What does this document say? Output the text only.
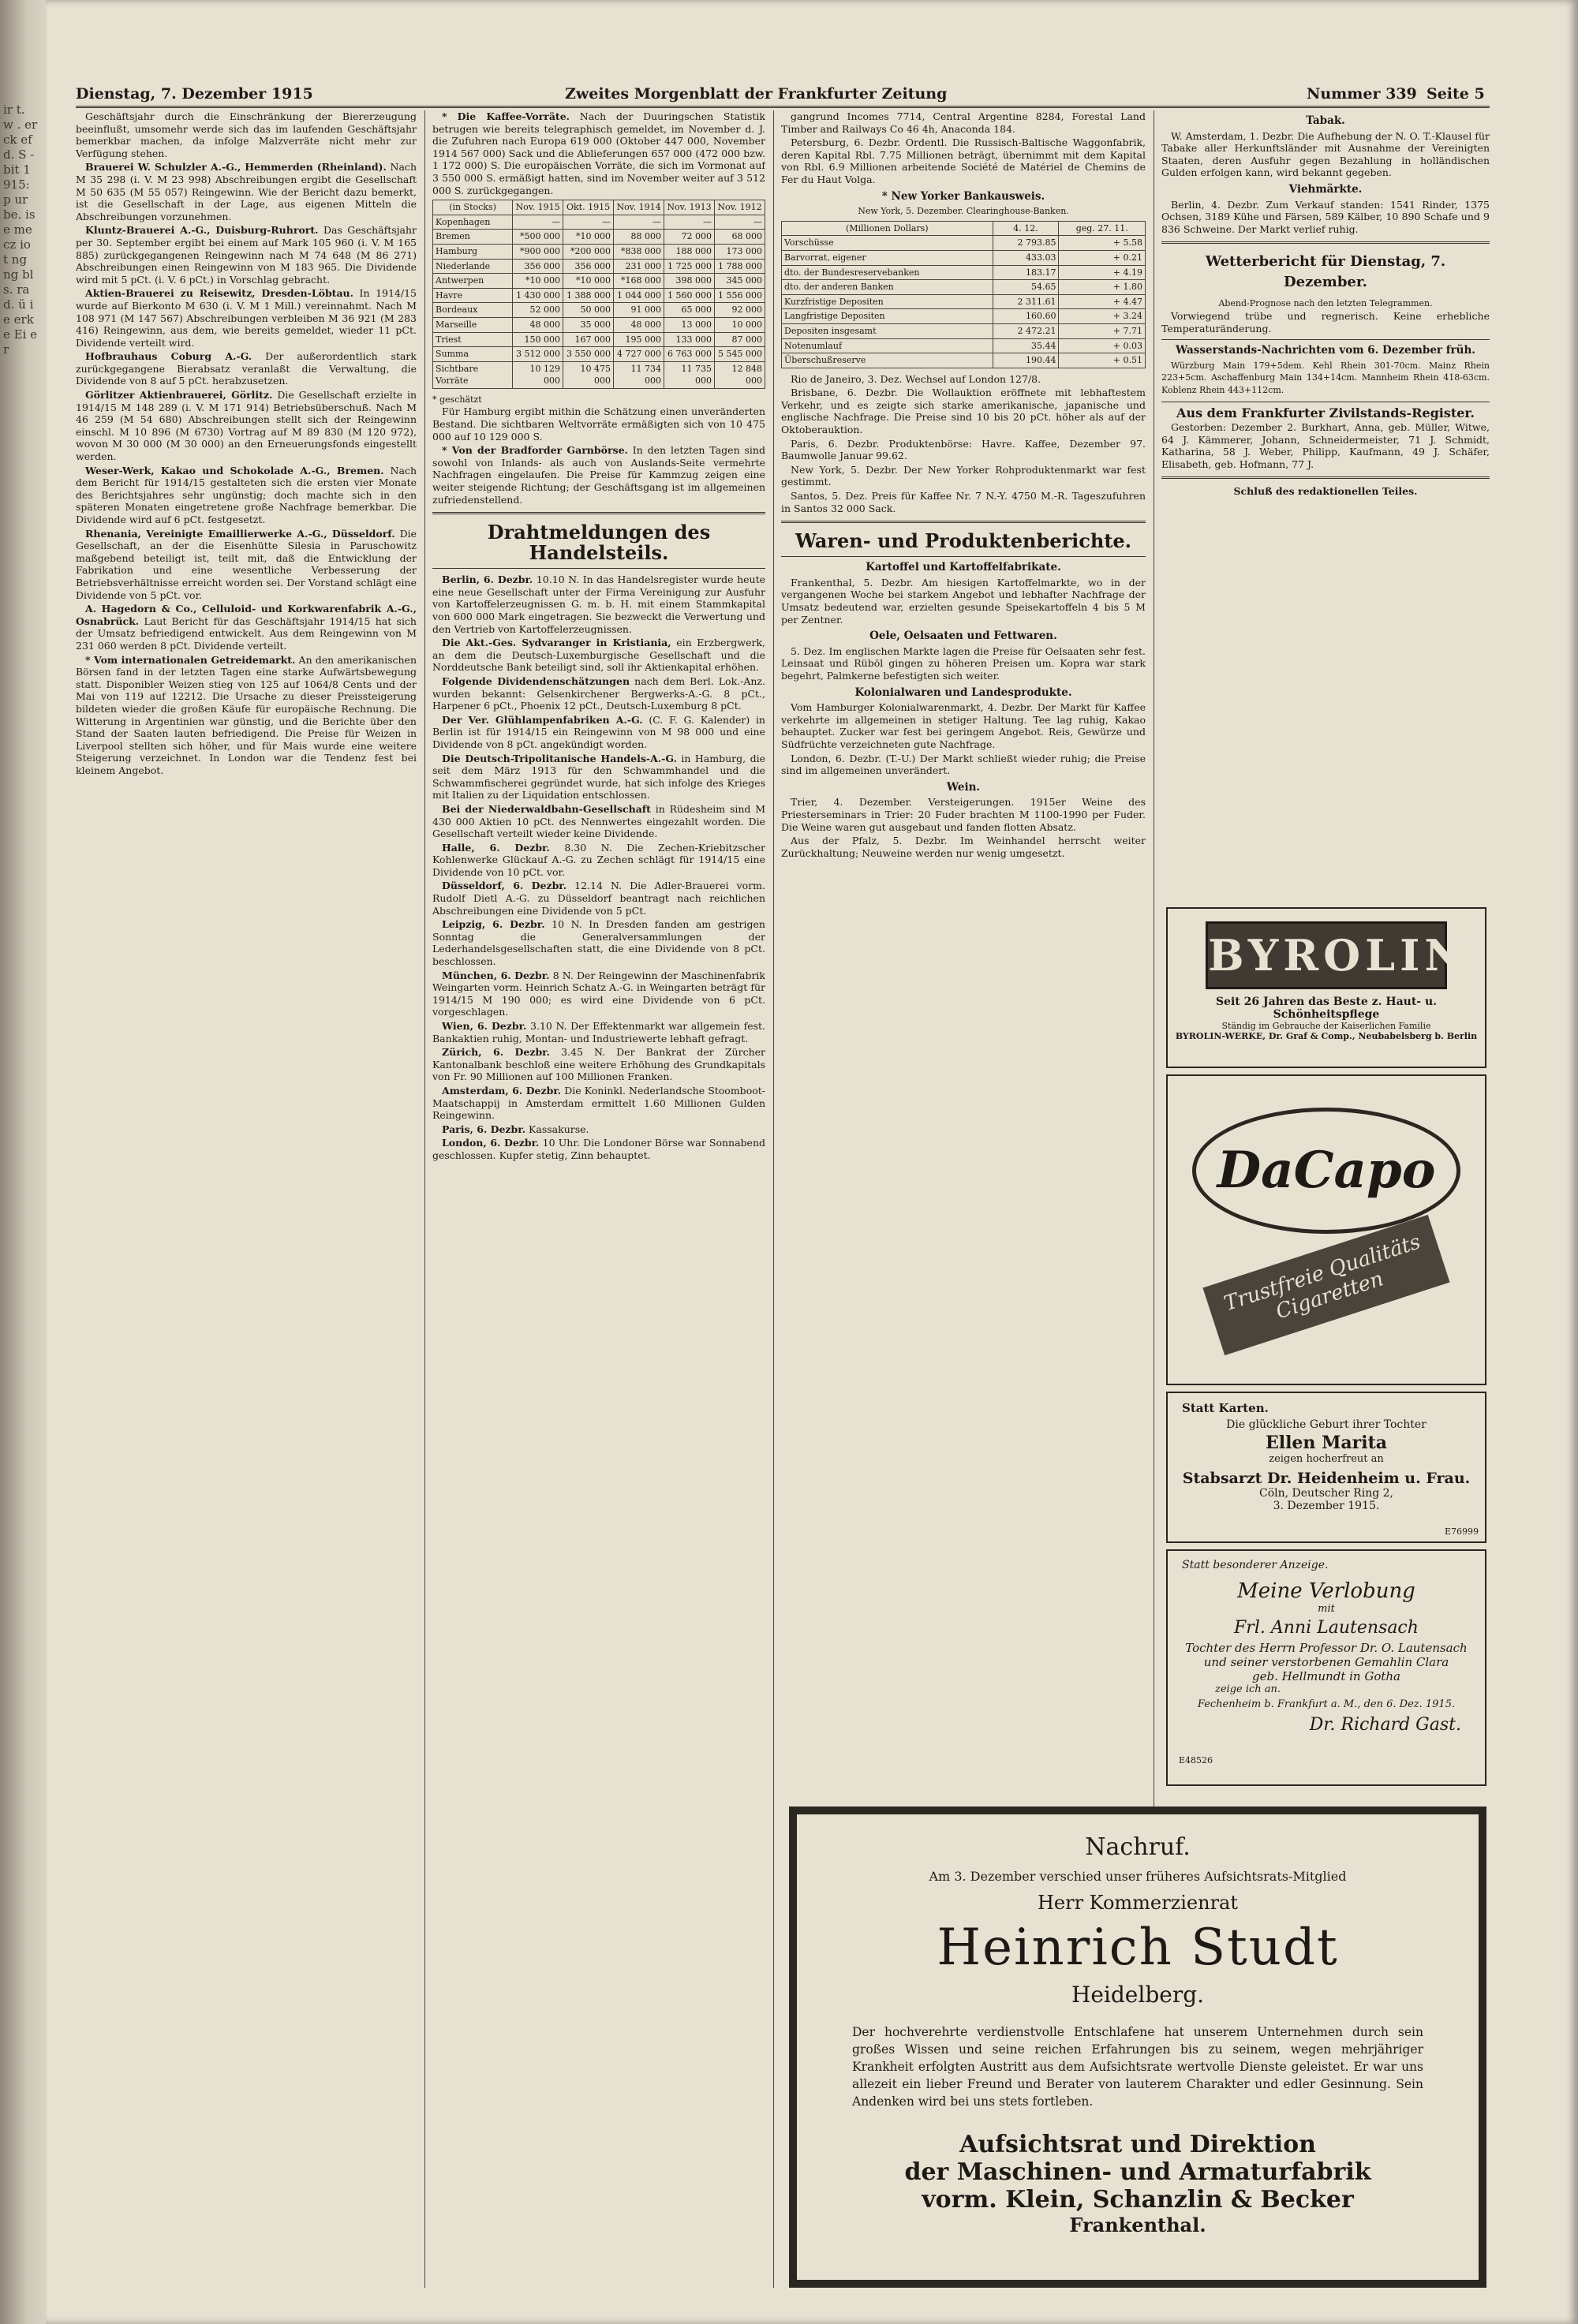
ir t. w . er ck ef d. S -bit 1915: p ur be. ise me cz io t ng ng bl s. rad. ü ie erke Ei er
Dienstag, 7. Dezember 1915	Zweites Morgenblatt der Frankfurter Zeitung	Nummer 339 Seite 5

Geschäftsjahr durch die Einschränkung der Biererzeugung beeinflußt, umsomehr werde sich das im laufenden Geschäftsjahr bemerkbar machen, da infolge Malzverräte nicht mehr zur Verfügung stehen.

Brauerei W. Schulzler A.-G., Hemmerden (Rheinland). Nach M 35 298 (i. V. M 23 998) Abschreibungen ergibt die Gesellschaft M 50 635 (M 55 057) Reingewinn. Wie der Bericht dazu bemerkt, ist die Gesellschaft in der Lage, aus eigenen Mitteln die Abschreibungen vorzunehmen.

Kluntz-Brauerei A.-G., Duisburg-Ruhrort. Das Geschäftsjahr per 30. September ergibt bei einem auf Mark 105 960 (i. V. M 165 885) zurückgegangenen Reingewinn nach M 74 648 (M 86 271) Abschreibungen einen Reingewinn von M 183 965. Die Dividende wird mit 5 pCt. (i. V. 6 pCt.) in Vorschlag gebracht.

Aktien-Brauerei zu Reisewitz, Dresden-Löbtau. In 1914/15 wurde auf Bierkonto M 630 (i. V. M 1 Mill.) vereinnahmt. Nach M 108 971 (M 147 567) Abschreibungen verbleiben M 36 921 (M 283 416) Reingewinn, aus dem, wie bereits gemeldet, wieder 11 pCt. Dividende verteilt wird.

Hofbrauhaus Coburg A.-G. Der außerordentlich stark zurückgegangene Bierabsatz veranlaßt die Verwaltung, die Dividende von 8 auf 5 pCt. herabzusetzen.

Görlitzer Aktienbrauerei, Görlitz. Die Gesellschaft erzielte in 1914/15 M 148 289 (i. V. M 171 914) Betriebsüberschuß. Nach M 46 259 (M 54 680) Abschreibungen stellt sich der Reingewinn einschl. M 10 896 (M 6730) Vortrag auf M 89 830 (M 120 972), wovon M 30 000 (M 30 000) an den Erneuerungsfonds eingestellt werden.

Weser-Werk, Kakao und Schokolade A.-G., Bremen. Nach dem Bericht für 1914/15 gestalteten sich die ersten vier Monate des Berichtsjahres sehr ungünstig; doch machte sich in den späteren Monaten eingetretene große Nachfrage bemerkbar. Die Dividende wird auf 6 pCt. festgesetzt.

Rhenania, Vereinigte Emaillierwerke A.-G., Düsseldorf. Die Gesellschaft, an der die Eisenhütte Silesia in Paruschowitz maßgebend beteiligt ist, teilt mit, daß die Entwicklung der Fabrikation und eine wesentliche Verbesserung der Betriebsverhältnisse erreicht worden sei. Der Vorstand schlägt eine Dividende von 5 pCt. vor.

A. Hagedorn & Co., Celluloid- und Korkwarenfabrik A.-G., Osnabrück. Laut Bericht für das Geschäftsjahr 1914/15 hat sich der Umsatz befriedigend entwickelt. Aus dem Reingewinn von M 231 060 werden 8 pCt. Dividende verteilt.

* Vom internationalen Getreidemarkt. An den amerikanischen Börsen fand in der letzten Tagen eine starke Aufwärtsbewegung statt. Disponibler Weizen stieg von 125 auf 1064/8 Cents und der Mai von 119 auf 12212. Die Ursache zu dieser Preissteigerung bildeten wieder die großen Käufe für europäische Rechnung. Die Witterung in Argentinien war günstig, und die Berichte über den Stand der Saaten lauten befriedigend. Die Preise für Weizen in Liverpool stellten sich höher, und für Mais wurde eine weitere Steigerung verzeichnet. In London war die Tendenz fest bei kleinem Angebot.

* Die Kaffee-Vorräte. Nach der Duuringschen Statistik betrugen wie bereits telegraphisch gemeldet, im November d. J. die Zufuhren nach Europa 619 000 (Oktober 447 000, November 1914 567 000) Sack und die Ablieferungen 657 000 (472 000 bzw. 1 172 000) S. Die europäischen Vorräte, die sich im Vormonat auf 3 550 000 S. ermäßigt hatten, sind im November weiter auf 3 512 000 S. zurückgegangen.

(in Stocks)	Nov. 1915	Okt. 1915	Nov. 1914	Nov. 1913	Nov. 1912
Kopenhagen	—	—	—	—	—
Bremen	*500 000	*10 000	88 000	72 000	68 000
Hamburg	*900 000	*200 000	*838 000	188 000	173 000
Niederlande	356 000	356 000	231 000	1 725 000	1 788 000
Antwerpen	*10 000	*10 000	*168 000	398 000	345 000
Havre	1 430 000	1 388 000	1 044 000	1 560 000	1 556 000
Bordeaux	52 000	50 000	91 000	65 000	92 000
Marseille	48 000	35 000	48 000	13 000	10 000
Triest	150 000	167 000	195 000	133 000	87 000
Summa	3 512 000	3 550 000	4 727 000	6 763 000	5 545 000
Sichtbare Vorräte	10 129 000	10 475 000	11 734 000	11 735 000	12 848 000
* geschätzt

Für Hamburg ergibt mithin die Schätzung einen unveränderten Bestand. Die sichtbaren Weltvorräte ermäßigten sich von 10 475 000 auf 10 129 000 S.

* Von der Bradforder Garnbörse. In den letzten Tagen sind sowohl von Inlands- als auch von Auslands-Seite vermehrte Nachfragen eingelaufen. Die Preise für Kammzug zeigen eine weiter steigende Richtung; der Geschäftsgang ist im allgemeinen zufriedenstellend.

Drahtmeldungen des Handelsteils.

Berlin, 6. Dezbr. 10.10 N. In das Handelsregister wurde heute eine neue Gesellschaft unter der Firma Vereinigung zur Ausfuhr von Kartoffelerzeugnissen G. m. b. H. mit einem Stammkapital von 600 000 Mark eingetragen. Sie bezweckt die Verwertung und den Vertrieb von Kartoffelerzeugnissen.

Die Akt.-Ges. Sydvaranger in Kristiania, ein Erzbergwerk, an dem die Deutsch-Luxemburgische Gesellschaft und die Norddeutsche Bank beteiligt sind, soll ihr Aktienkapital erhöhen.

Folgende Dividendenschätzungen nach dem Berl. Lok.-Anz. wurden bekannt: Gelsenkirchener Bergwerks-A.-G. 8 pCt., Harpener 6 pCt., Phoenix 12 pCt., Deutsch-Luxemburg 8 pCt.

Der Ver. Glühlampenfabriken A.-G. (C. F. G. Kalender) in Berlin ist für 1914/15 ein Reingewinn von M 98 000 und eine Dividende von 8 pCt. angekündigt worden.

Die Deutsch-Tripolitanische Handels-A.-G. in Hamburg, die seit dem März 1913 für den Schwammhandel und die Schwammfischerei gegründet wurde, hat sich infolge des Krieges mit Italien zu der Liquidation entschlossen.

Bei der Niederwaldbahn-Gesellschaft in Rüdesheim sind M 430 000 Aktien 10 pCt. des Nennwertes eingezahlt worden. Die Gesellschaft verteilt wieder keine Dividende.

Halle, 6. Dezbr. 8.30 N. Die Zechen-Kriebitzscher Kohlenwerke Glückauf A.-G. zu Zechen schlägt für 1914/15 eine Dividende von 10 pCt. vor.

Düsseldorf, 6. Dezbr. 12.14 N. Die Adler-Brauerei vorm. Rudolf Dietl A.-G. zu Düsseldorf beantragt nach reichlichen Abschreibungen eine Dividende von 5 pCt.

Leipzig, 6. Dezbr. 10 N. In Dresden fanden am gestrigen Sonntag die Generalversammlungen der Lederhandelsgesellschaften statt, die eine Dividende von 8 pCt. beschlossen.

München, 6. Dezbr. 8 N. Der Reingewinn der Maschinenfabrik Weingarten vorm. Heinrich Schatz A.-G. in Weingarten beträgt für 1914/15 M 190 000; es wird eine Dividende von 6 pCt. vorgeschlagen.

Wien, 6. Dezbr. 3.10 N. Der Effektenmarkt war allgemein fest. Bankaktien ruhig, Montan- und Industriewerte lebhaft gefragt.

Zürich, 6. Dezbr. 3.45 N. Der Bankrat der Zürcher Kantonalbank beschloß eine weitere Erhöhung des Grundkapitals von Fr. 90 Millionen auf 100 Millionen Franken.

Amsterdam, 6. Dezbr. Die Koninkl. Nederlandsche Stoomboot-Maatschappij in Amsterdam ermittelt 1.60 Millionen Gulden Reingewinn.

Paris, 6. Dezbr. Kassakurse.

London, 6. Dezbr. 10 Uhr. Die Londoner Börse war Sonnabend geschlossen. Kupfer stetig, Zinn behauptet.

gangrund Incomes 7714, Central Argentine 8284, Forestal Land Timber and Railways Co 46 4h, Anaconda 184.

Petersburg, 6. Dezbr. Ordentl. Die Russisch-Baltische Waggonfabrik, deren Kapital Rbl. 7.75 Millionen beträgt, übernimmt mit dem Kapital von Rbl. 6.9 Millionen arbeitende Société de Matériel de Chemins de Fer du Haut Volga.

* New Yorker Bankausweis.
New York, 5. Dezember. Clearinghouse-Banken.
(Millionen Dollars)	4. 12.	geg. 27. 11.
Vorschüsse	2 793.85	+ 5.58
Barvorrat, eigener	433.03	+ 0.21
dto. der Bundesreservebanken	183.17	+ 4.19
dto. der anderen Banken	54.65	+ 1.80
Kurzfristige Depositen	2 311.61	+ 4.47
Langfristige Depositen	160.60	+ 3.24
Depositen insgesamt	2 472.21	+ 7.71
Notenumlauf	35.44	+ 0.03
Überschußreserve	190.44	+ 0.51

Rio de Janeiro, 3. Dez. Wechsel auf London 127/8.

Brisbane, 6. Dezbr. Die Wollauktion eröffnete mit lebhaftestem Verkehr, und es zeigte sich starke amerikanische, japanische und englische Nachfrage. Die Preise sind 10 bis 20 pCt. höher als auf der Oktoberauktion.

Paris, 6. Dezbr. Produktenbörse: Havre. Kaffee, Dezember 97. Baumwolle Januar 99.62.

New York, 5. Dezbr. Der New Yorker Rohproduktenmarkt war fest gestimmt.

Santos, 5. Dez. Preis für Kaffee Nr. 7 N.-Y. 4750 M.-R. Tageszufuhren in Santos 32 000 Sack.

Waren- und Produktenberichte.
Kartoffel und Kartoffelfabrikate.

Frankenthal, 5. Dezbr. Am hiesigen Kartoffelmarkte, wo in der vergangenen Woche bei starkem Angebot und lebhafter Nachfrage der Umsatz bedeutend war, erzielten gesunde Speisekartoffeln 4 bis 5 M per Zentner.

Oele, Oelsaaten und Fettwaren.

5. Dez. Im englischen Markte lagen die Preise für Oelsaaten sehr fest. Leinsaat und Rüböl gingen zu höheren Preisen um. Kopra war stark begehrt, Palmkerne befestigten sich weiter.

Kolonialwaren und Landesprodukte.

Vom Hamburger Kolonialwarenmarkt, 4. Dezbr. Der Markt für Kaffee verkehrte im allgemeinen in stetiger Haltung. Tee lag ruhig, Kakao behauptet. Zucker war fest bei geringem Angebot. Reis, Gewürze und Südfrüchte verzeichneten gute Nachfrage.

London, 6. Dezbr. (T.-U.) Der Markt schließt wieder ruhig; die Preise sind im allgemeinen unverändert.

Wein.

Trier, 4. Dezember. Versteigerungen. 1915er Weine des Priesterseminars in Trier: 20 Fuder brachten M 1100-1990 per Fuder. Die Weine waren gut ausgebaut und fanden flotten Absatz.

Aus der Pfalz, 5. Dezbr. Im Weinhandel herrscht weiter Zurückhaltung; Neuweine werden nur wenig umgesetzt.

Tabak.

W. Amsterdam, 1. Dezbr. Die Aufhebung der N. O. T.-Klausel für Tabake aller Herkunftsländer mit Ausnahme der Vereinigten Staaten, deren Ausfuhr gegen Bezahlung in holländischen Gulden erfolgen kann, wird bekannt gegeben.

Viehmärkte.

Berlin, 4. Dezbr. Zum Verkauf standen: 1541 Rinder, 1375 Ochsen, 3189 Kühe und Färsen, 589 Kälber, 10 890 Schafe und 9 836 Schweine. Der Markt verlief ruhig.

Wetterbericht für Dienstag, 7. Dezember.
Abend-Prognose nach den letzten Telegrammen.

Vorwiegend trübe und regnerisch. Keine erhebliche Temperaturänderung.

Wasserstands-Nachrichten vom 6. Dezember früh.

Würzburg Main 179+5dem. Kehl Rhein 301-70cm. Mainz Rhein 223+5cm. Aschaffenburg Main 134+14cm. Mannheim Rhein 418-63cm. Koblenz Rhein 443+112cm.

Aus dem Frankfurter Zivilstands-Register.

Gestorben: Dezember 2. Burkhart, Anna, geb. Müller, Witwe, 64 J. Kämmerer, Johann, Schneidermeister, 71 J. Schmidt, Katharina, 58 J. Weber, Philipp, Kaufmann, 49 J. Schäfer, Elisabeth, geb. Hofmann, 77 J.

Schluß des redaktionellen Teiles.
BYROLIN
Seit 26 Jahren das Beste z. Haut- u. Schönheitspflege
Ständig im Gebrauche der Kaiserlichen Familie
BYROLIN-WERKE, Dr. Graf & Comp., Neubabelsberg b. Berlin
DaCapo
Trustfreie Qualitäts Cigaretten
Statt Karten.
Die glückliche Geburt ihrer Tochter
Ellen Marita
zeigen hocherfreut an
Stabsarzt Dr. Heidenheim u. Frau.
Cöln, Deutscher Ring 2,
3. Dezember 1915.
E76999
Statt besonderer Anzeige.
Meine Verlobung
mit
Frl. Anni Lautensach
Tochter des Herrn Professor Dr. O. Lautensach
und seiner verstorbenen Gemahlin Clara
geb. Hellmundt in Gotha
zeige ich an.
Fechenheim b. Frankfurt a. M., den 6. Dez. 1915.
Dr. Richard Gast.
E48526
Nachruf.
Am 3. Dezember verschied unser früheres Aufsichtsrats-Mitglied
Herr Kommerzienrat
Heinrich Studt
Heidelberg.
Der hochverehrte verdienstvolle Entschlafene hat unserem Unternehmen durch sein großes Wissen und seine reichen Erfahrungen bis zu seinem, wegen mehrjähriger Krankheit erfolgten Austritt aus dem Aufsichtsrate wertvolle Dienste geleistet. Er war uns allezeit ein lieber Freund und Berater von lauterem Charakter und edler Gesinnung. Sein Andenken wird bei uns stets fortleben.
Aufsichtsrat und Direktion
der Maschinen- und Armaturfabrik
vorm. Klein, Schanzlin & Becker
Frankenthal.
